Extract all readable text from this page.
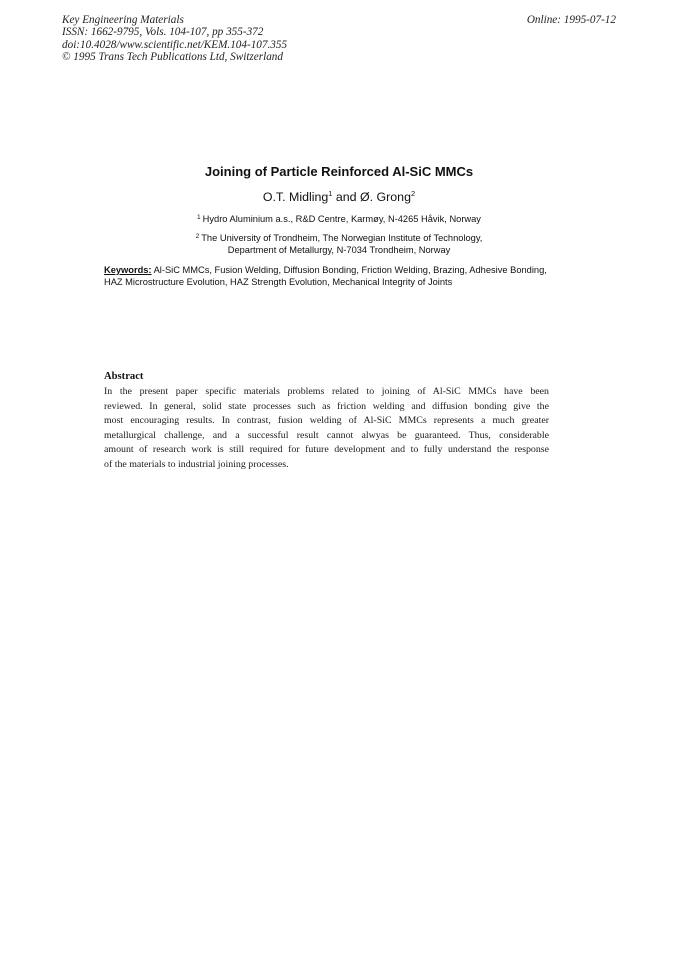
Key Engineering Materials
ISSN: 1662-9795, Vols. 104-107, pp 355-372
doi:10.4028/www.scientific.net/KEM.104-107.355
© 1995 Trans Tech Publications Ltd, Switzerland
Online: 1995-07-12
Joining of Particle Reinforced Al-SiC MMCs
O.T. Midling$^1$ and Ø. Grong$^2$
$^1$ Hydro Aluminium a.s., R&D Centre, Karmøy, N-4265 Håvik, Norway
$^2$ The University of Trondheim, The Norwegian Institute of Technology,
Department of Metallurgy, N-7034 Trondheim, Norway
Keywords: Al-SiC MMCs, Fusion Welding, Diffusion Bonding, Friction Welding, Brazing, Adhesive Bonding, HAZ Microstructure Evolution, HAZ Strength Evolution, Mechanical Integrity of Joints
Abstract
In the present paper specific materials problems related to joining of Al-SiC MMCs have been
reviewed. In general, solid state processes such as friction welding and diffusion bonding give the
most encouraging results. In contrast, fusion welding of Al-SiC MMCs represents a much greater
metallurgical challenge, and a successful result cannot alwyas be guaranteed. Thus, considerable
amount of research work is still required for future development and to fully understand the response
of the materials to industrial joining processes.
